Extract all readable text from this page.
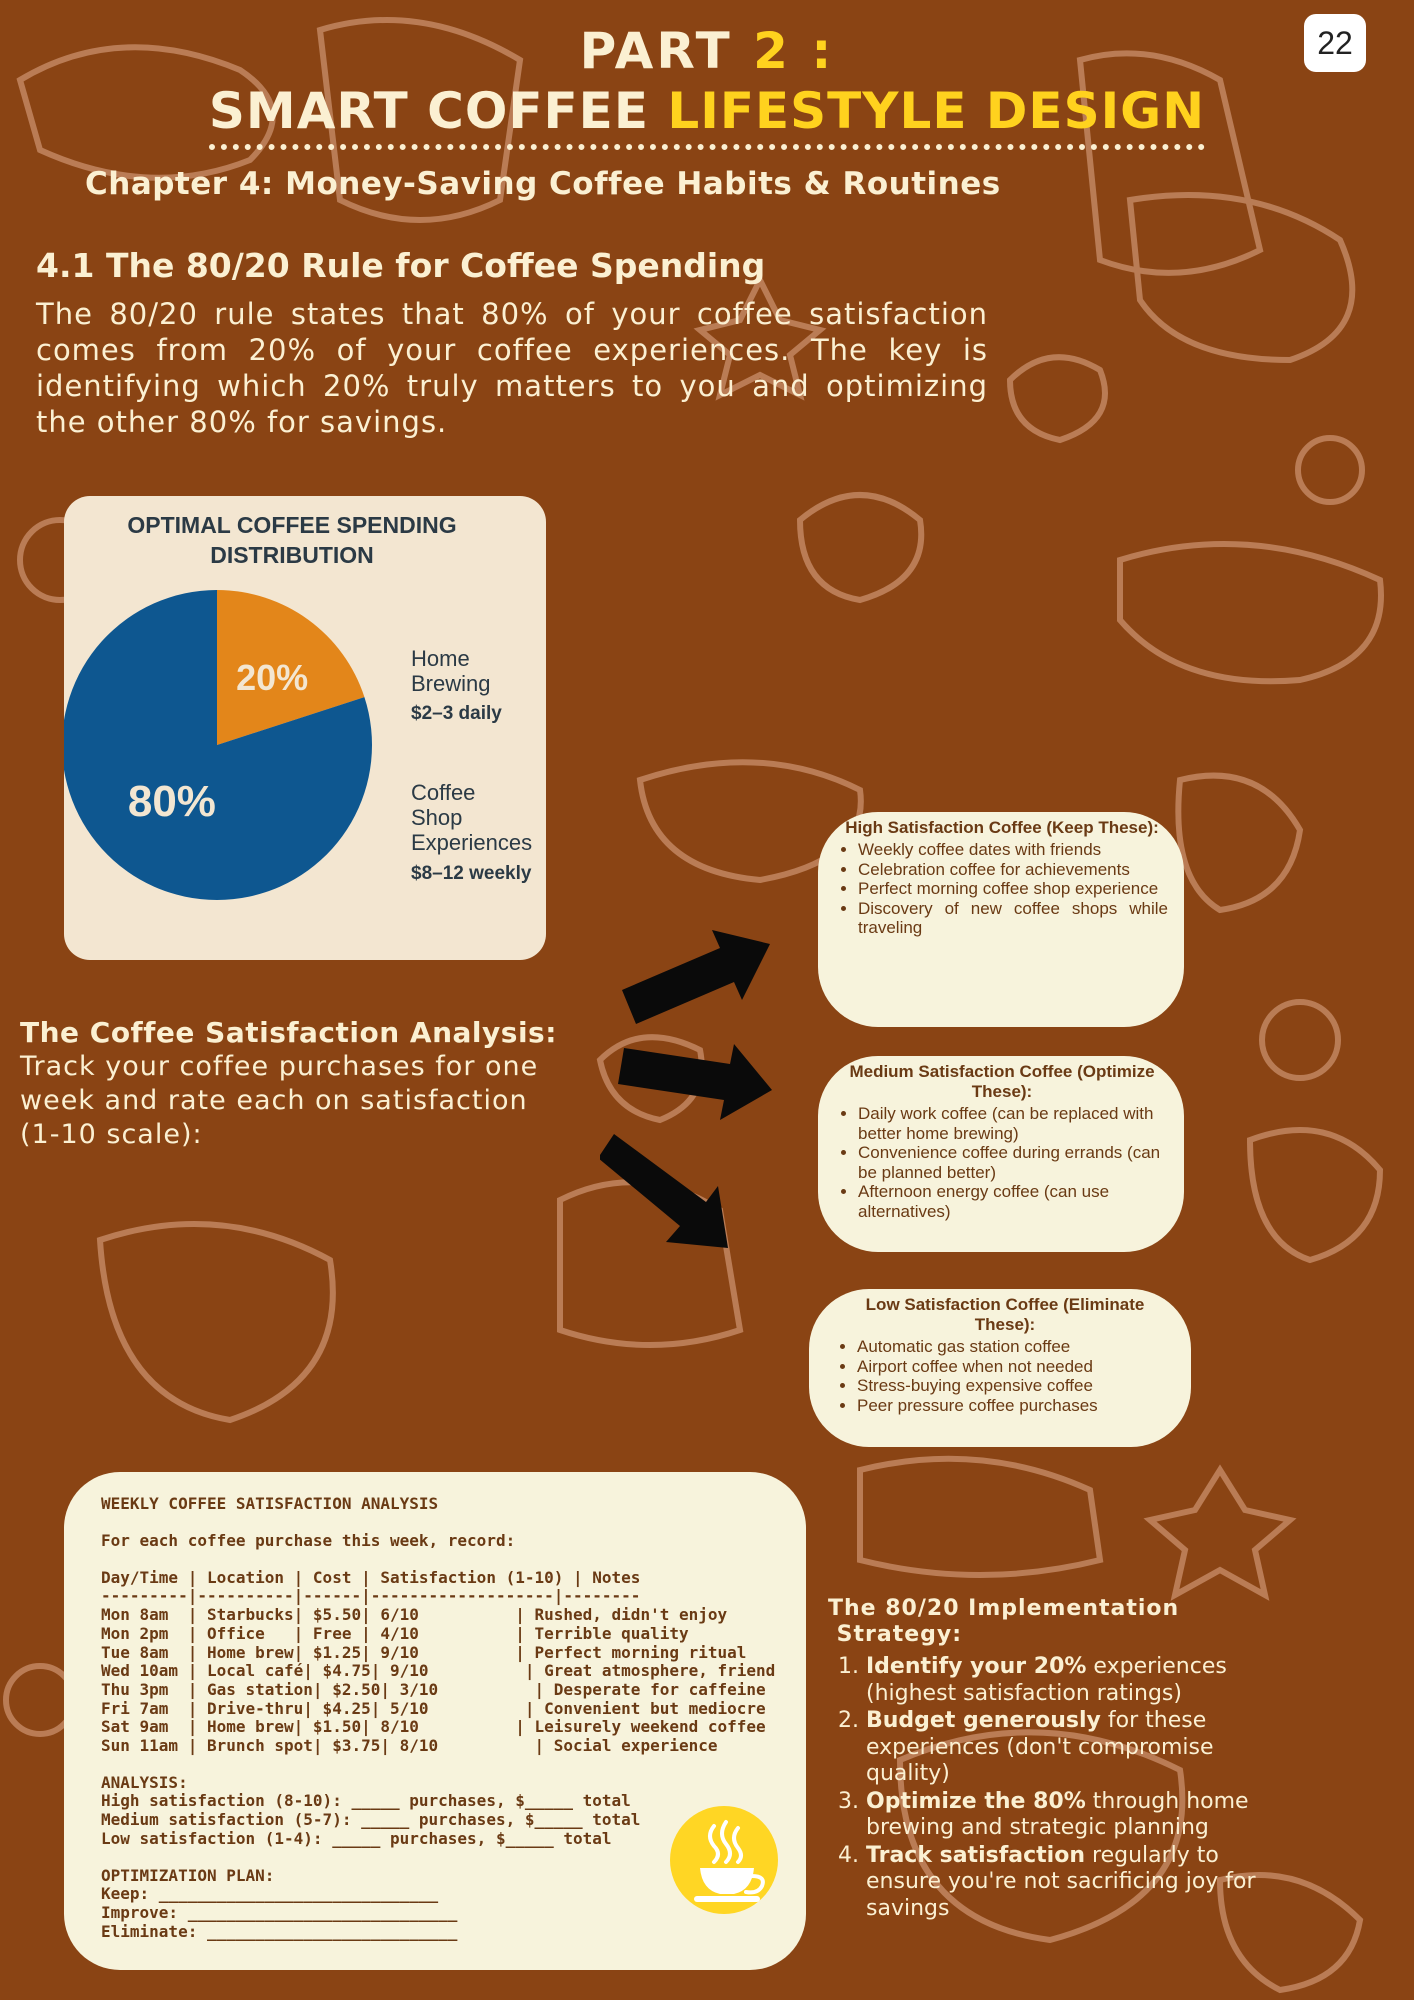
22
PART 2 :
SMART COFFEE LIFESTYLE DESIGN
Chapter 4: Money-Saving Coffee Habits & Routines
4.1 The 80/20 Rule for Coffee Spending
The 80/20 rule states that 80% of your coffee satisfaction comes from 20% of your coffee experiences. The key is identifying which 20% truly matters to you and optimizing the other 80% for savings.
OPTIMAL COFFEE SPENDING
DISTRIBUTION
20%
80%
Home
Brewing
$2–3 daily
Coffee
Shop
Experiences
$8–12 weekly
The Coffee Satisfaction Analysis:
Track your coffee purchases for one
week and rate each on satisfaction
(1-10 scale):
High Satisfaction Coffee (Keep These):
• Weekly coffee dates with friends
• Celebration coffee for achievements
• Perfect morning coffee shop experience
• Discovery of new coffee shops while traveling
Medium Satisfaction Coffee (Optimize These):
• Daily work coffee (can be replaced with better home brewing)
• Convenience coffee during errands (can be planned better)
• Afternoon energy coffee (can use alternatives)
Low Satisfaction Coffee (Eliminate These):
• Automatic gas station coffee
• Airport coffee when not needed
• Stress-buying expensive coffee
• Peer pressure coffee purchases
WEEKLY COFFEE SATISFACTION ANALYSIS
For each coffee purchase this week, record:
Day/Time | Location | Cost | Satisfaction (1-10) | Notes
---------|----------|------|-------------------|--------
Mon 8am  | Starbucks| $5.50| 6/10          | Rushed, didn't enjoy
Mon 2pm  | Office   | Free | 4/10          | Terrible quality
Tue 8am  | Home brew| $1.25| 9/10          | Perfect morning ritual
Wed 10am | Local café| $4.75| 9/10          | Great atmosphere, friend
Thu 3pm  | Gas station| $2.50| 3/10          | Desperate for caffeine
Fri 7am  | Drive-thru| $4.25| 5/10          | Convenient but mediocre
Sat 9am  | Home brew| $1.50| 8/10          | Leisurely weekend coffee
Sun 11am | Brunch spot| $3.75| 8/10          | Social experience
ANALYSIS:
High satisfaction (8-10): _____ purchases, $_____ total
Medium satisfaction (5-7): _____ purchases, $_____ total
Low satisfaction (1-4): _____ purchases, $_____ total
OPTIMIZATION PLAN:
Keep: _____________________________
Improve: ____________________________
Eliminate: __________________________
The 80/20 Implementation
Strategy:
1. Identify your 20% experiences (highest satisfaction ratings)
2. Budget generously for these experiences (don't compromise quality)
3. Optimize the 80% through home brewing and strategic planning
4. Track satisfaction regularly to ensure you're not sacrificing joy for savings
